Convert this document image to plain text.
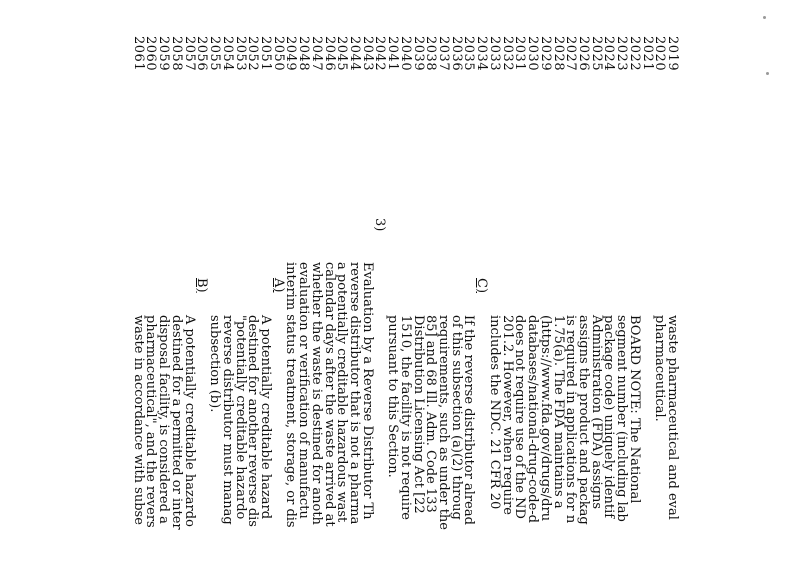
2019
2020
2021
2022
2023
2024
2025
2026
2027
2028
2029
2030
2031
2032
2033
2034
2035
2036
2037
2038
2039
2040
2041
2042
2043
2044
2045
2046
2047
2048
2049
2050
2051
2052
2053
2054
2055
2056
2057
2058
2059
2060
2061
waste pharmaceutical and eval
pharmaceutical.
BOARD NOTE: The National
segment number (including lab
package code) uniquely identif
Administration (FDA) assigns
assigns the product and packag
is required in applications for n
1.75(a). The FDA maintains a
(https://www.fda.gov/drugs/dru
databases/national-drug-code-d
does not require use of the ND
201.2. However, when require
includes the NDC. 21 CFR 20
C)
If the reverse distributor alread
of this subsection (a)(2) throug
requirements, such as under the
85] and 68 Ill. Adm. Code 133
Distribution Licensing Act [22
1510, the facility is not require
pursuant to this Section.
3)
Evaluation by a Reverse Distributor Th
reverse distributor that is not a pharma
a potentially creditable hazardous wast
calendar days after the waste arrived at
whether the waste is destined for anoth
evaluation or verification of manufactu
interim status treatment, storage, or dis
A)
A potentially creditable hazard
destined for another reverse dis
"potentially creditable hazardo
reverse distributor must manag
subsection (b).
B)
A potentially creditable hazardo
destined for a permitted or inter
disposal facility, is considered a
pharmaceutical", and the revers
waste in accordance with subse
